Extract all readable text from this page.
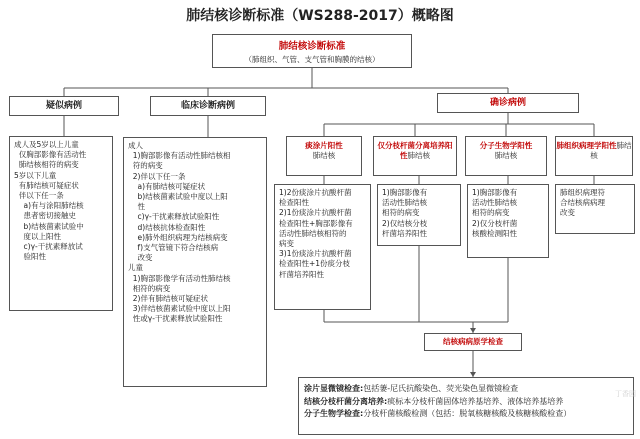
肺结核诊断标准（WS288-2017）概略图
肺结核诊断标准
（肺组织、气管、支气管和胸膜的结核）
疑似病例	临床诊断病例	确诊病例
成人及5岁以上儿童
仅胸部影像有活动性
肺结核相符的病变
5岁以下儿童
有肺结核可疑症状
伴以下任一条
a)有与涂阳肺结核
患者密切接触史
b)结核菌素试验中
度以上阳性
c)γ-干扰素释放试
验阳性
成人
1)胸部影像有活动性肺结核相
符的病变
2)伴以下任一条
a)有肺结核可疑症状
b)结核菌素试验中度以上阳
性
c)γ-干扰素释放试验阳性
d)结核抗体检查阳性
e)肺外组织病理为结核病变
f)支气管镜下符合结核病
改变
儿童
1)胸部影像学有活动性肺结核
相符的病变
2)伴有肺结核可疑症状
3)伴结核菌素试验中度以上阳
性或γ-干扰素释放试验阳性
痰涂片阳性
肺结核
仅分枝杆菌分离培养阳性肺结核
分子生物学阳性
肺结核
肺组织病理学阳性肺结核
1)2份痰涂片抗酸杆菌
检查阳性
2)1份痰涂片抗酸杆菌
检查阳性+胸部影像有
活动性肺结核相符的
病变
3)1份痰涂片抗酸杆菌
检查阳性+1份痰分枝
杆菌培养阳性
1)胸部影像有
活动性肺结核
相符的病变
2)仅结核分枝
杆菌培养阳性
1)胸部影像有
活动性肺结核
相符的病变
2)仅分枝杆菌
核酸检测阳性
肺组织病理符
合结核病病理
改变
结核病病原学检查
涂片显微镜检查:包括萋-尼氏抗酸染色、荧光染色显微镜检查
结核分枝杆菌分离培养:痰标本分枝杆菌固体培养基培养、液体培养基培养
分子生物学检查:分枝杆菌核酸检测（包括：脱氧核糖核酸及核糖核酸检查）
丁香园
